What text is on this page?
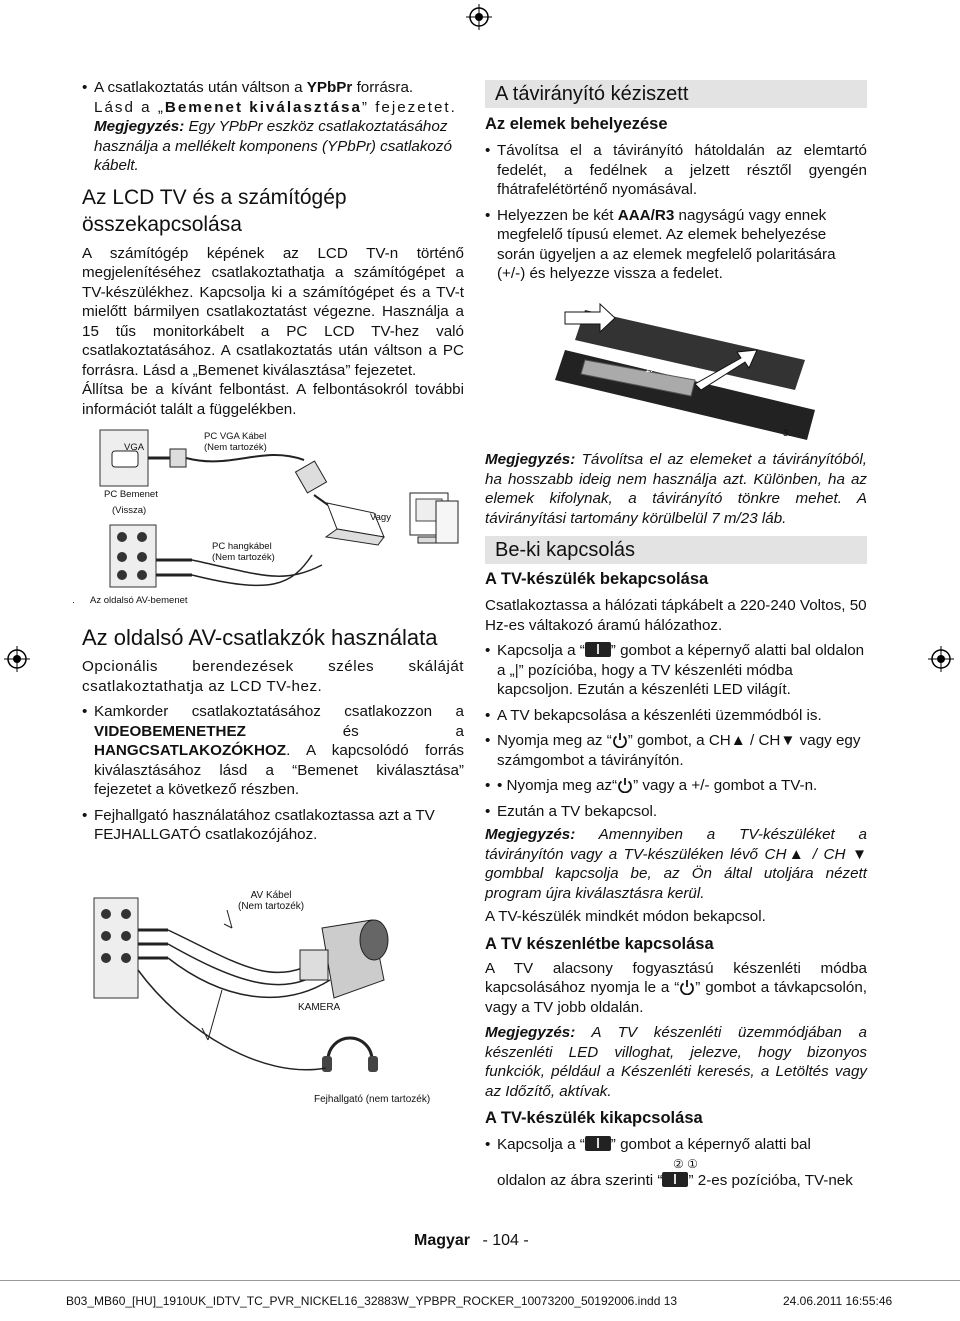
• A csatlakoztatás után váltson a YPbPr forrásra.

Lásd a „Bemenet kiválasztása” fejezetet.

Megjegyzés: Egy YPbPr eszköz csatlakoztatásához használja a mellékelt komponens (YPbPr) csatlakozó kábelt.

Az LCD TV és a számítógép összekapcsolása

A számítógép képének az LCD TV-n történő megjelenítéséhez csatlakoztathatja a számítógépet a TV-készülékhez. Kapcsolja ki a számítógépet és a TV-t mielőtt bármilyen csatlakoztatást végezne. Használja a 15 tűs monitorkábelt a PC LCD TV-hez való csatlakoztatásához. A csatlakoztatás után váltson a PC forrásra. Lásd a „Bemenet kiválasztása” fejezetet.

Állítsa be a kívánt felbontást. A felbontásokról további információt talált a függelékben.

VGA
PC VGA Kábel
(Nem tartozék)
PC Bemenet
(Vissza)
Vagy
PC hangkábel
(Nem tartozék)
· Az oldalsó AV-bemenet
Az oldalsó AV-csatlakzók használata

Opcionális berendezések széles skáláját csatlakoztathatja az LCD TV-hez.

• Kamkorder csatlakoztatásához csatlakozzon a VIDEOBEMENETHEZ és a HANGCSATLAKOZÓKHOZ. A kapcsolódó forrás kiválasztásához lásd a “Bemenet kiválasztása” fejezetet a következő részben.

• Fejhallgató használatához csatlakoztassa azt a TV FEJHALLGATÓ csatlakozójához.

AV Kábel
(Nem tartozék)
KAMERA
Fejhallgató (nem tartozék)
A távirányító kéziszett
Az elemek behelyezése

• Távolítsa el a távirányító hátoldalán az elemtartó fedelét, a fedélnek a jelzett résztől gyengén fhátrafelétörténő nyomásával.

• Helyezzen be két AAA/R3 nagyságú vagy ennek megfelelő típusú elemet. Az elemek behelyezése során ügyeljen a az elemek megfelelő polaritására (+/-) és helyezze vissza a fedelet.

1.
2.	3.

Megjegyzés: Távolítsa el az elemeket a távirányítóból, ha hosszabb ideig nem használja azt. Különben, ha az elemek kifolynak, a távirányító tönkre mehet. A távirányítási tartomány körülbelül 7 m/23 láb.

Be-ki kapcsolás
A TV-készülék bekapcsolása

Csatlakoztassa a hálózati tápkábelt a 220-240 Voltos, 50 Hz-es váltakozó áramú hálózathoz.

• Kapcsolja a “ ” gombot a képernyő alatti bal oldalon a „|” pozícióba, hogy a TV készenléti módba kapcsoljon. Ezután a készenléti LED világít.

• A TV bekapcsolása a készenléti üzemmódból is.

• Nyomja meg az “ ” gombot, a CH▲ / CH▼ vagy egy számgombot a távirányítón.

• • Nyomja meg az“ ” vagy a +/- gombot a TV-n.

• Ezután a TV bekapcsol.

Megjegyzés: Amennyiben a TV-készüléket a távirányítón vagy a TV-készüléken lévő CH▲ / CH ▼ gombbal kapcsolja be, az Ön által utoljára nézett program újra kiválasztásra kerül.

A TV-készülék mindkét módon bekapcsol.

A TV készenlétbe kapcsolása

A TV alacsony fogyasztású készenléti módba kapcsolásához nyomja le a “ ” gombot a távkapcsolón, vagy a TV jobb oldalán.

Megjegyzés: A TV készenléti üzemmódjában a készenléti LED villoghat, jelezve, hogy bizonyos funkciók, például a Készenléti keresés, a Letöltés vagy az Időzítő, aktívak.

A TV-készülék kikapcsolása

• Kapcsolja a “ ” gombot a képernyő alatti bal

② ①

oldalon az ábra szerinti “ ” 2-es pozícióba, TV-nek

Magyar - 104 -
B03_MB60_[HU]_1910UK_IDTV_TC_PVR_NICKEL16_32883W_YPBPR_ROCKER_10073200_50192006.indd 13	24.06.2011 16:55:46
